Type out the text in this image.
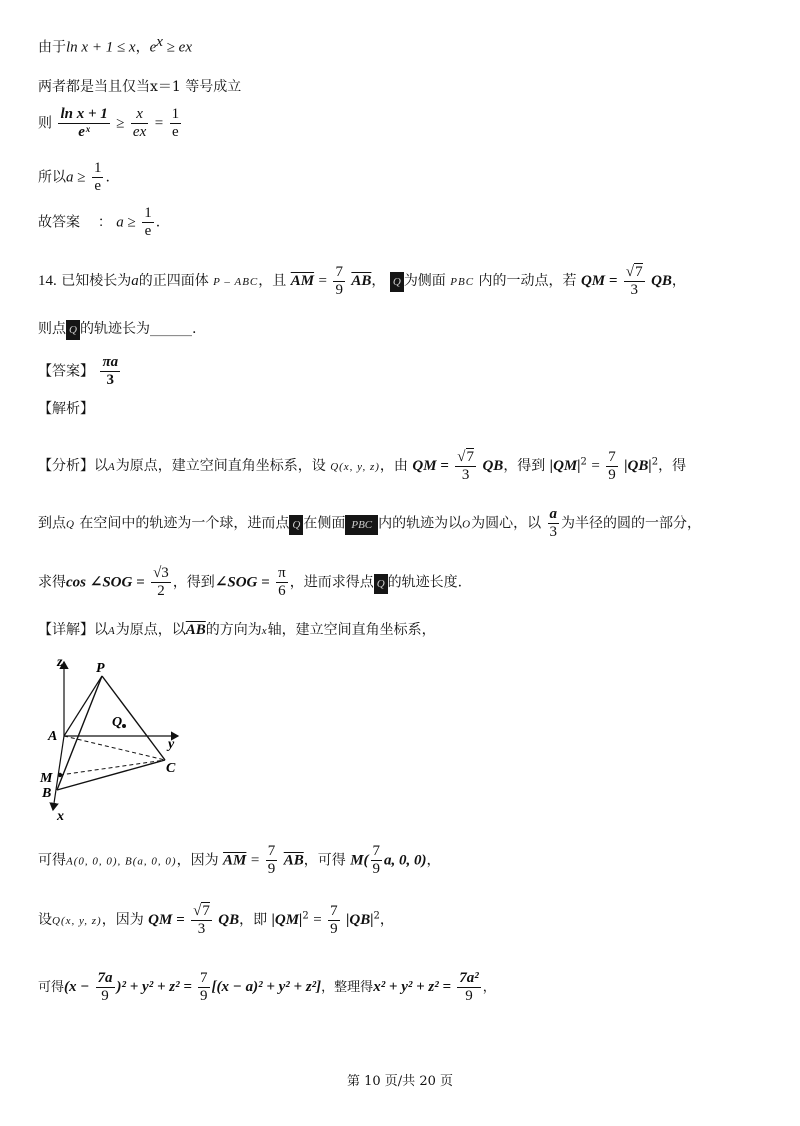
由于ln x + 1 ≤ x，$e^x$ ≥ ex
两者都是当且仅当x＝1 等号成立
则 $\frac{\text{ln x + 1}}{\text{eˣ}} \ge \frac{x}{ex} = \frac{1}{e}$
所以$a \ge \frac{1}{e}$ .
故答案 ： $a \ge \frac{1}{e}$ .
14. 已知棱长为a的正四面体 P – ABC，且 $\overline{AM} = \frac{7}{9} \overline{AB}$， Q 为侧面 PBC 内的一动点，若 QM = $\frac{√7}{3}$ QB，
则点 Q 的轨迹长为______.
【答案】 $\frac{\pi a}{3}$
【解析】
【分析】以A为原点，建立空间直角坐标系，设 Q(x, y, z)，由 QM = $\frac{√7}{3}$ QB，得到 $|QM|^2 = \frac{7}{9} |QB|^2$，得
到点Q 在空间中的轨迹为一个球，进而点 Q 在侧面 PBC 内的轨迹为以O为圆心，以 $\frac{a}{3}$ 为半径的圆的一部分，
求得cos ∠SOG = $\frac{√3}{2}$ ，得到∠SOG = $\frac{\pi}{6}$ ，进而求得点 Q 的轨迹长度.
【详解】以A为原点，以$\overline{AB}$的方向为x轴，建立空间直角坐标系，
z P
A
Q
y
C
M
B
x
可得A(0, 0, 0), B(a, 0, 0)，因为 $\overline{AM} = \frac{7}{9} \overline{AB}$，可得 $M( \frac{7}{9} a$, 0, 0)，
设Q(x, y, z)，因为 QM = $\frac{√7}{3}$ QB，即 $|QM|^2 = \frac{7}{9} |QB|^2$，
可得$(x - \frac{7a}{9} )^2 + y^2 + z^2 = \frac{7}{9} [(x - a)^2 + y^2 + z^2]$，整理得$x^2 + y^2 + z^2 = \frac{\text{7a²}}{9}$ ，
第 10 页/共 20 页
